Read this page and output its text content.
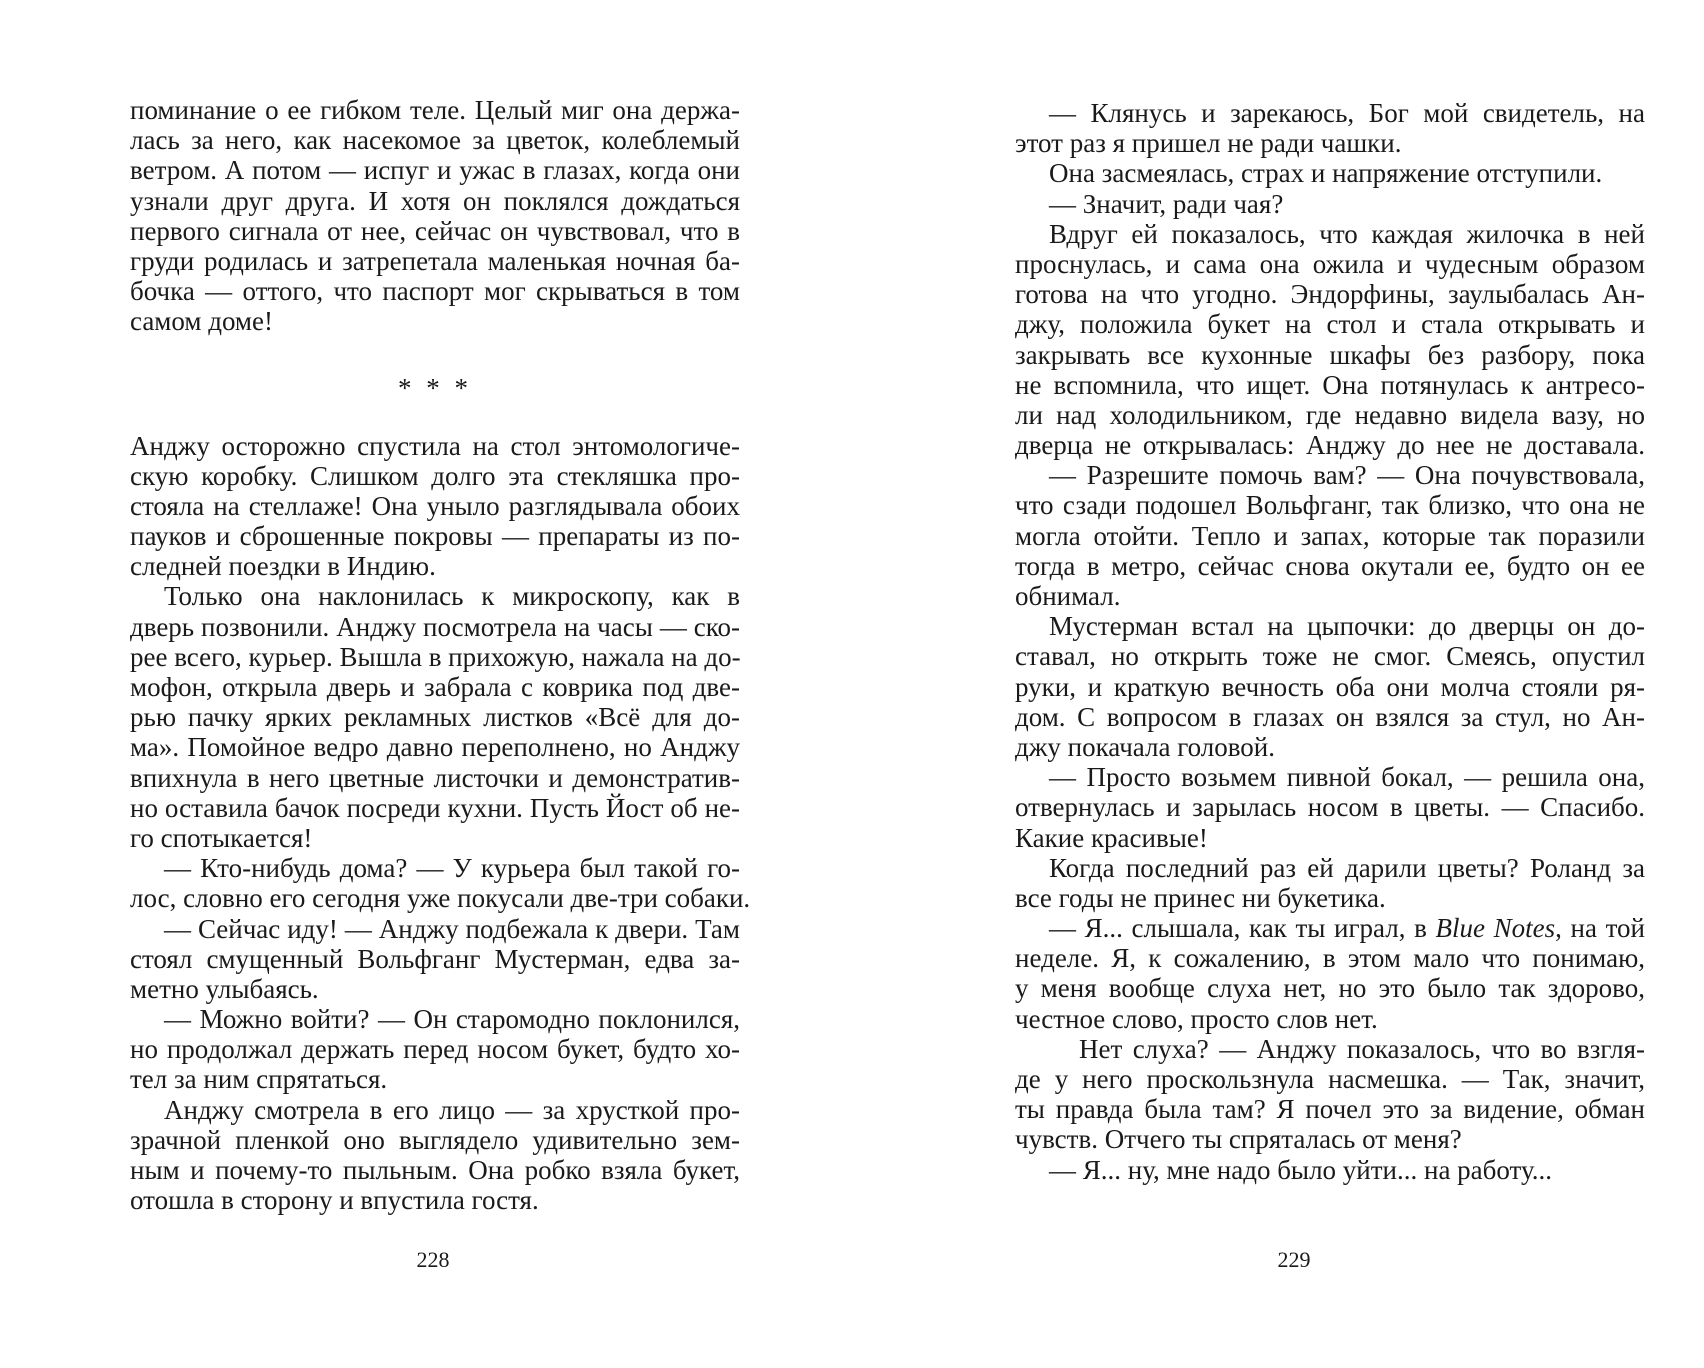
поминание о ее гибком теле. Целый миг она держа-
лась за него, как насекомое за цветок, колеблемый
ветром. А потом — испуг и ужас в глазах, когда они
узнали друг друга. И хотя он поклялся дождаться
первого сигнала от нее, сейчас он чувствовал, что в
груди родилась и затрепетала маленькая ночная ба-
бочка — оттого, что паспорт мог скрываться в том
самом доме!
* * *
Анджу осторожно спустила на стол энтомологиче-
скую коробку. Слишком долго эта стекляшка про-
стояла на стеллаже! Она уныло разглядывала обоих
пауков и сброшенные покровы — препараты из по-
следней поездки в Индию.
Только она наклонилась к микроскопу, как в
дверь позвонили. Анджу посмотрела на часы — ско-
рее всего, курьер. Вышла в прихожую, нажала на до-
мофон, открыла дверь и забрала с коврика под две-
рью пачку ярких рекламных листков «Всё для до-
ма». Помойное ведро давно переполнено, но Анджу
впихнула в него цветные листочки и демонстратив-
но оставила бачок посреди кухни. Пусть Йост об не-
го спотыкается!
— Кто-нибудь дома? — У курьера был такой го-
лос, словно его сегодня уже покусали две-три собаки.
— Сейчас иду! — Анджу подбежала к двери. Там
стоял смущенный Вольфганг Мустерман, едва за-
метно улыбаясь.
— Можно войти? — Он старомодно поклонился,
но продолжал держать перед носом букет, будто хо-
тел за ним спрятаться.
Анджу смотрела в его лицо — за хрусткой про-
зрачной пленкой оно выглядело удивительно зем-
ным и почему-то пыльным. Она робко взяла букет,
отошла в сторону и впустила гостя.
228
— Клянусь и зарекаюсь, Бог мой свидетель, на
этот раз я пришел не ради чашки.
Она засмеялась, страх и напряжение отступили.
— Значит, ради чая?
Вдруг ей показалось, что каждая жилочка в ней
проснулась, и сама она ожила и чудесным образом
готова на что угодно. Эндорфины, заулыбалась Ан-
джу, положила букет на стол и стала открывать и
закрывать все кухонные шкафы без разбору, пока
не вспомнила, что ищет. Она потянулась к антресо-
ли над холодильником, где недавно видела вазу, но
дверца не открывалась: Анджу до нее не доставала.
— Разрешите помочь вам? — Она почувствовала,
что сзади подошел Вольфганг, так близко, что она не
могла отойти. Тепло и запах, которые так поразили
тогда в метро, сейчас снова окутали ее, будто он ее
обнимал.
Мустерман встал на цыпочки: до дверцы он до-
ставал, но открыть тоже не смог. Смеясь, опустил
руки, и краткую вечность оба они молча стояли ря-
дом. С вопросом в глазах он взялся за стул, но Ан-
джу покачала головой.
— Просто возьмем пивной бокал, — решила она,
отвернулась и зарылась носом в цветы. — Спасибо.
Какие красивые!
Когда последний раз ей дарили цветы? Роланд за
все годы не принес ни букетика.
— Я... слышала, как ты играл, в Blue Notes, на той
неделе. Я, к сожалению, в этом мало что понимаю,
у меня вообще слуха нет, но это было так здорово,
честное слово, просто слов нет.
Нет слуха? — Анджу показалось, что во взгля-
де у него проскользнула насмешка. — Так, значит,
ты правда была там? Я почел это за видение, обман
чувств. Отчего ты спряталась от меня?
— Я... ну, мне надо было уйти... на работу...
229
